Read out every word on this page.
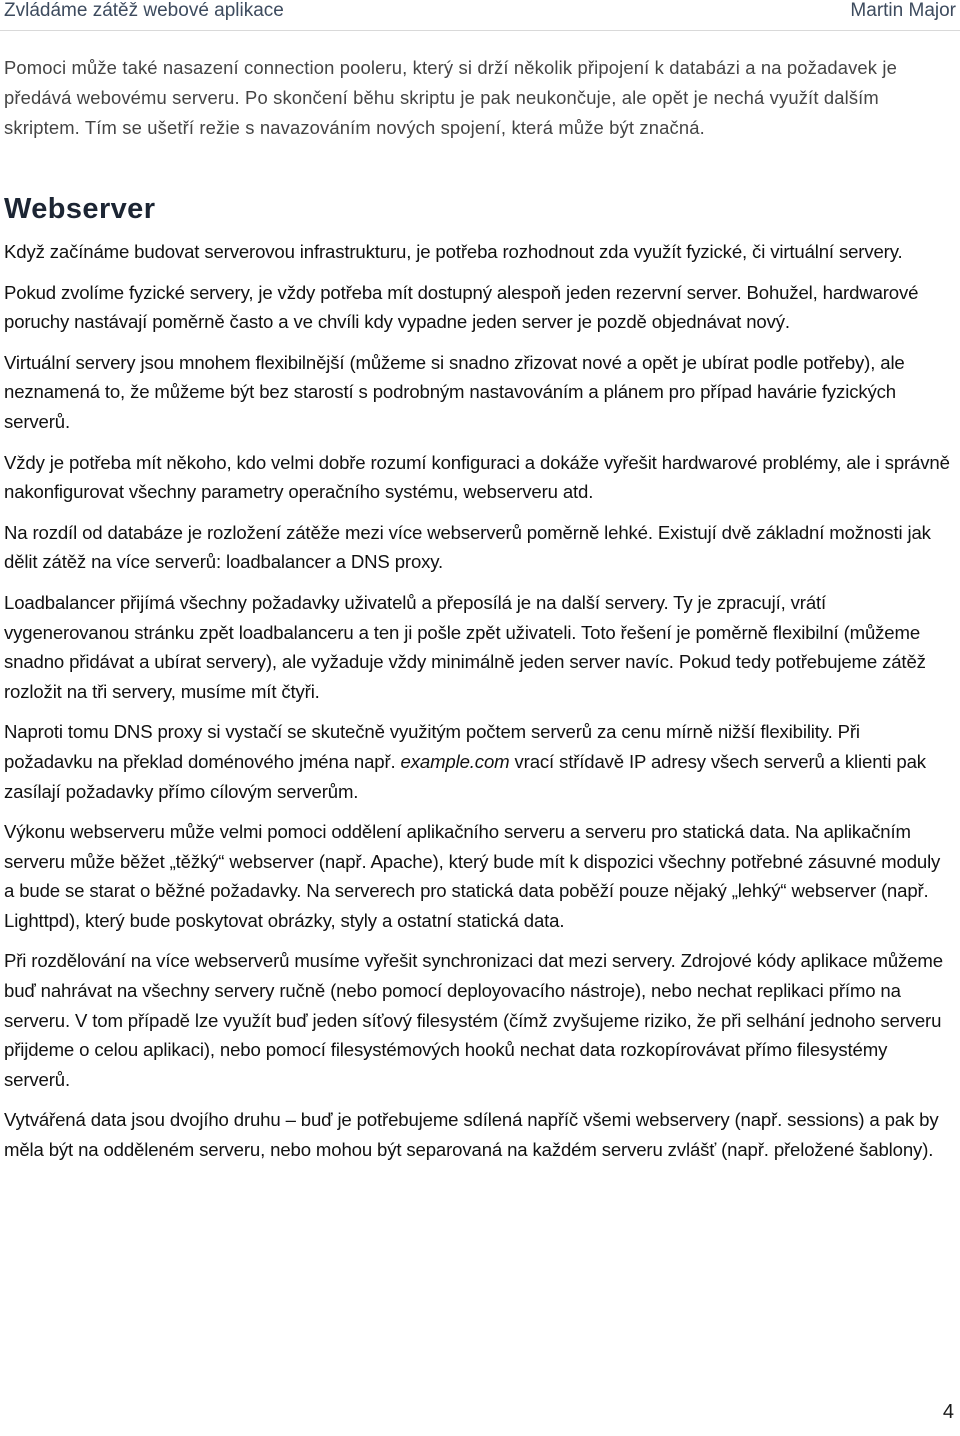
Zvládáme zátěž webové aplikace	Martin Major

Pomoci může také nasazení connection pooleru, který si drží několik připojení k databázi a na požadavek je předává webovému serveru. Po skončení běhu skriptu je pak neukončuje, ale opět je nechá využít dalším skriptem. Tím se ušetří režie s navazováním nových spojení, která může být značná.

Webserver

Když začínáme budovat serverovou infrastrukturu, je potřeba rozhodnout zda využít fyzické, či virtuální servery.

Pokud zvolíme fyzické servery, je vždy potřeba mít dostupný alespoň jeden rezervní server. Bohužel, hardwarové poruchy nastávají poměrně často a ve chvíli kdy vypadne jeden server je pozdě objednávat nový.

Virtuální servery jsou mnohem flexibilnější (můžeme si snadno zřizovat nové a opět je ubírat podle potřeby), ale neznamená to, že můžeme být bez starostí s podrobným nastavováním a plánem pro případ havárie fyzických serverů.

Vždy je potřeba mít někoho, kdo velmi dobře rozumí konfiguraci a dokáže vyřešit hardwarové problémy, ale i správně nakonfigurovat všechny parametry operačního systému, webserveru atd.

Na rozdíl od databáze je rozložení zátěže mezi více webserverů poměrně lehké. Existují dvě základní možnosti jak dělit zátěž na více serverů: loadbalancer a DNS proxy.

Loadbalancer přijímá všechny požadavky uživatelů a přeposílá je na další servery. Ty je zpracují, vrátí vygenerovanou stránku zpět loadbalanceru a ten ji pošle zpět uživateli. Toto řešení je poměrně flexibilní (můžeme snadno přidávat a ubírat servery), ale vyžaduje vždy minimálně jeden server navíc. Pokud tedy potřebujeme zátěž rozložit na tři servery, musíme mít čtyři.

Naproti tomu DNS proxy si vystačí se skutečně využitým počtem serverů za cenu mírně nižší flexibility. Při požadavku na překlad doménového jména např. example.com vrací střídavě IP adresy všech serverů a klienti pak zasílají požadavky přímo cílovým serverům.

Výkonu webserveru může velmi pomoci oddělení aplikačního serveru a serveru pro statická data. Na aplikačním serveru může běžet „těžký“ webserver (např. Apache), který bude mít k dispozici všechny potřebné zásuvné moduly a bude se starat o běžné požadavky. Na serverech pro statická data poběží pouze nějaký „lehký“ webserver (např. Lighttpd), který bude poskytovat obrázky, styly a ostatní statická data.

Při rozdělování na více webserverů musíme vyřešit synchronizaci dat mezi servery. Zdrojové kódy aplikace můžeme buď nahrávat na všechny servery ručně (nebo pomocí deployovacího nástroje), nebo nechat replikaci přímo na serveru. V tom případě lze využít buď jeden síťový filesystém (čímž zvyšujeme riziko, že při selhání jednoho serveru přijdeme o celou aplikaci), nebo pomocí filesystémových hooků nechat data rozkopírovávat přímo filesystémy serverů.

Vytvářená data jsou dvojího druhu – buď je potřebujeme sdílená napříč všemi webservery (např. sessions) a pak by měla být na odděleném serveru, nebo mohou být separovaná na každém serveru zvlášť (např. přeložené šablony).

4
